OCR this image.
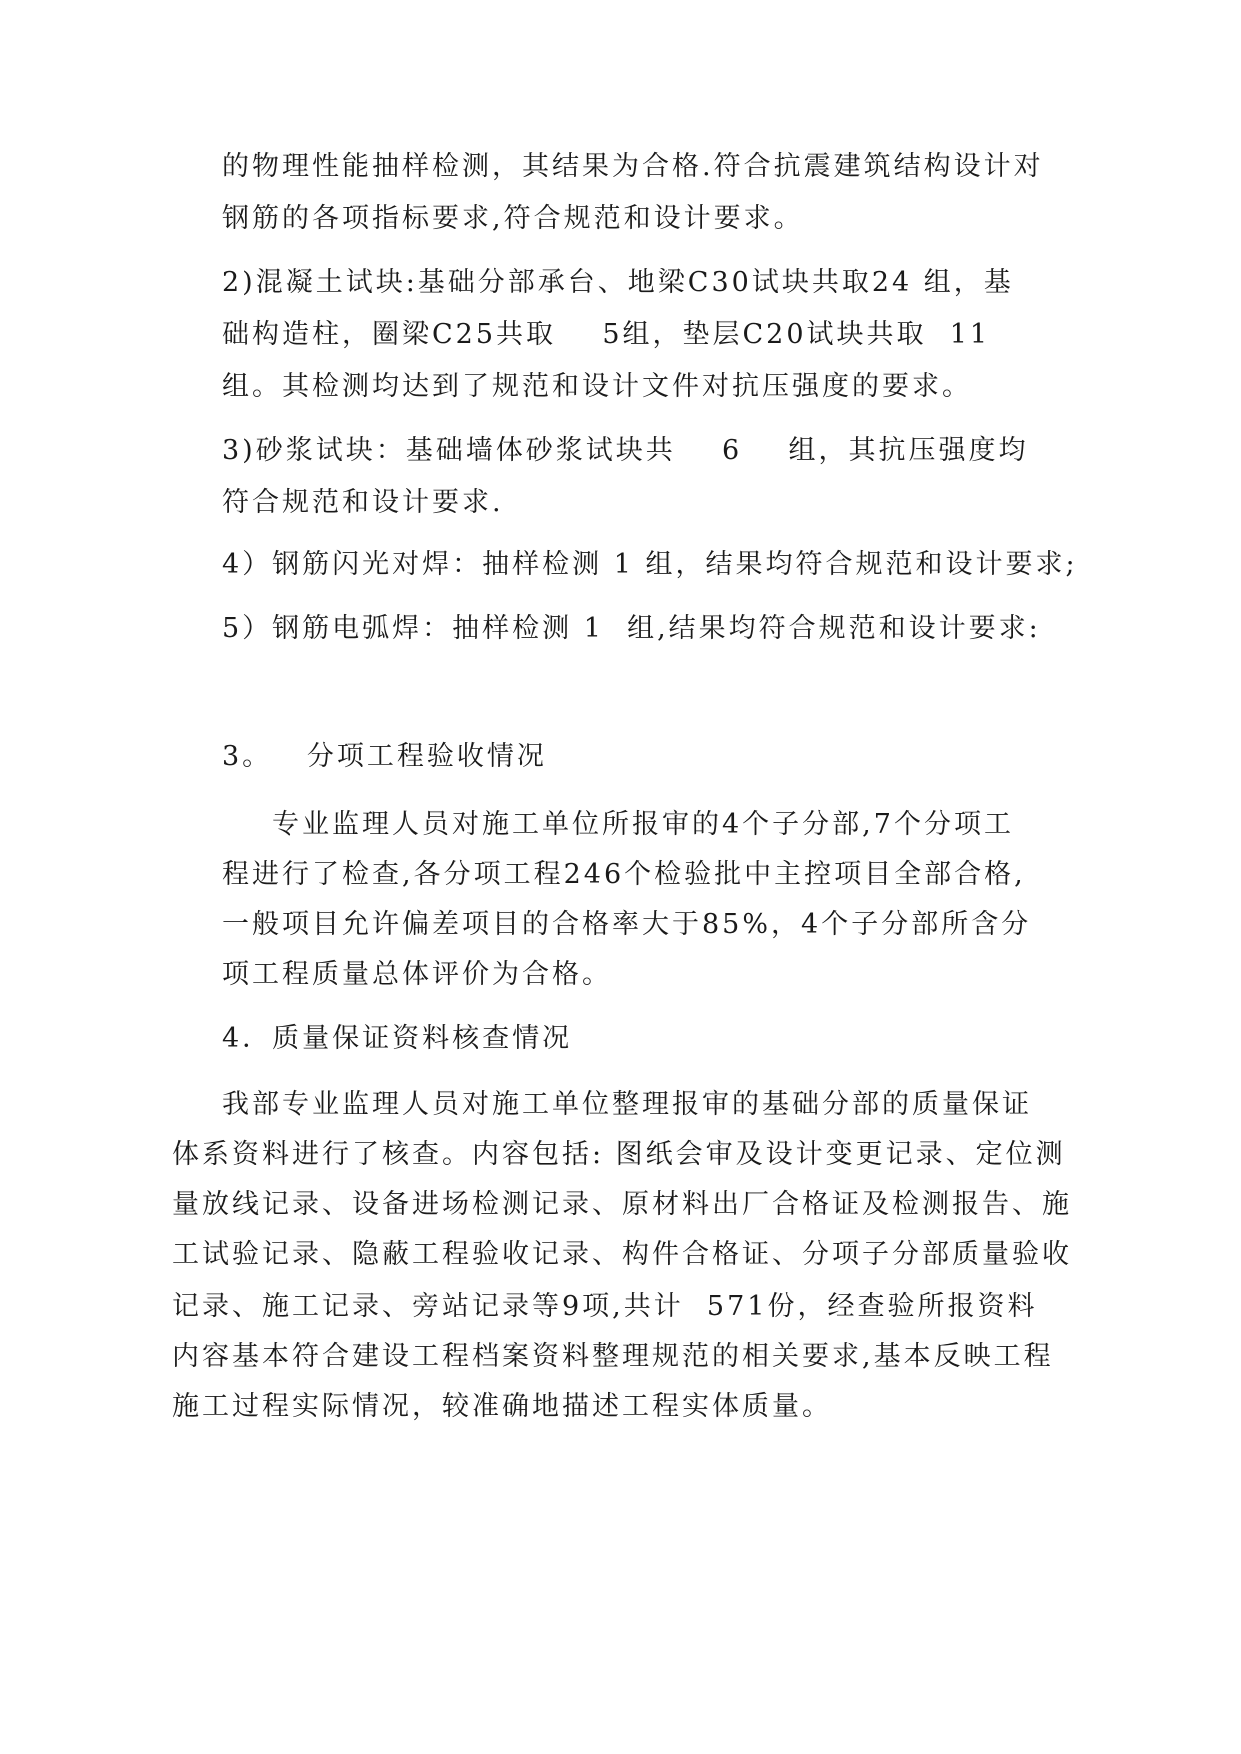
的物理性能抽样检测，其结果为合格.符合抗震建筑结构设计对
钢筋的各项指标要求,符合规范和设计要求。
2)混凝土试块:基础分部承台、地梁C30试块共取24 组，基
础构造柱，圈梁C25共取    5组，垫层C20试块共取  11
组。其检测均达到了规范和设计文件对抗压强度的要求。
3)砂浆试块：基础墙体砂浆试块共    6    组，其抗压强度均
符合规范和设计要求.
4）钢筋闪光对焊：抽样检测 1 组，结果均符合规范和设计要求;
5）钢筋电弧焊：抽样检测 1  组,结果均符合规范和设计要求:
3。   分项工程验收情况
专业监理人员对施工单位所报审的4个子分部,7个分项工
程进行了检查,各分项工程246个检验批中主控项目全部合格,
一般项目允许偏差项目的合格率大于85%，4个子分部所含分
项工程质量总体评价为合格。
4．质量保证资料核查情况
我部专业监理人员对施工单位整理报审的基础分部的质量保证
体系资料进行了核查。内容包括: 图纸会审及设计变更记录、定位测
量放线记录、设备进场检测记录、原材料出厂合格证及检测报告、施
工试验记录、隐蔽工程验收记录、构件合格证、分项子分部质量验收
记录、施工记录、旁站记录等9项,共计  571份，经查验所报资料
内容基本符合建设工程档案资料整理规范的相关要求,基本反映工程
施工过程实际情况，较准确地描述工程实体质量。
